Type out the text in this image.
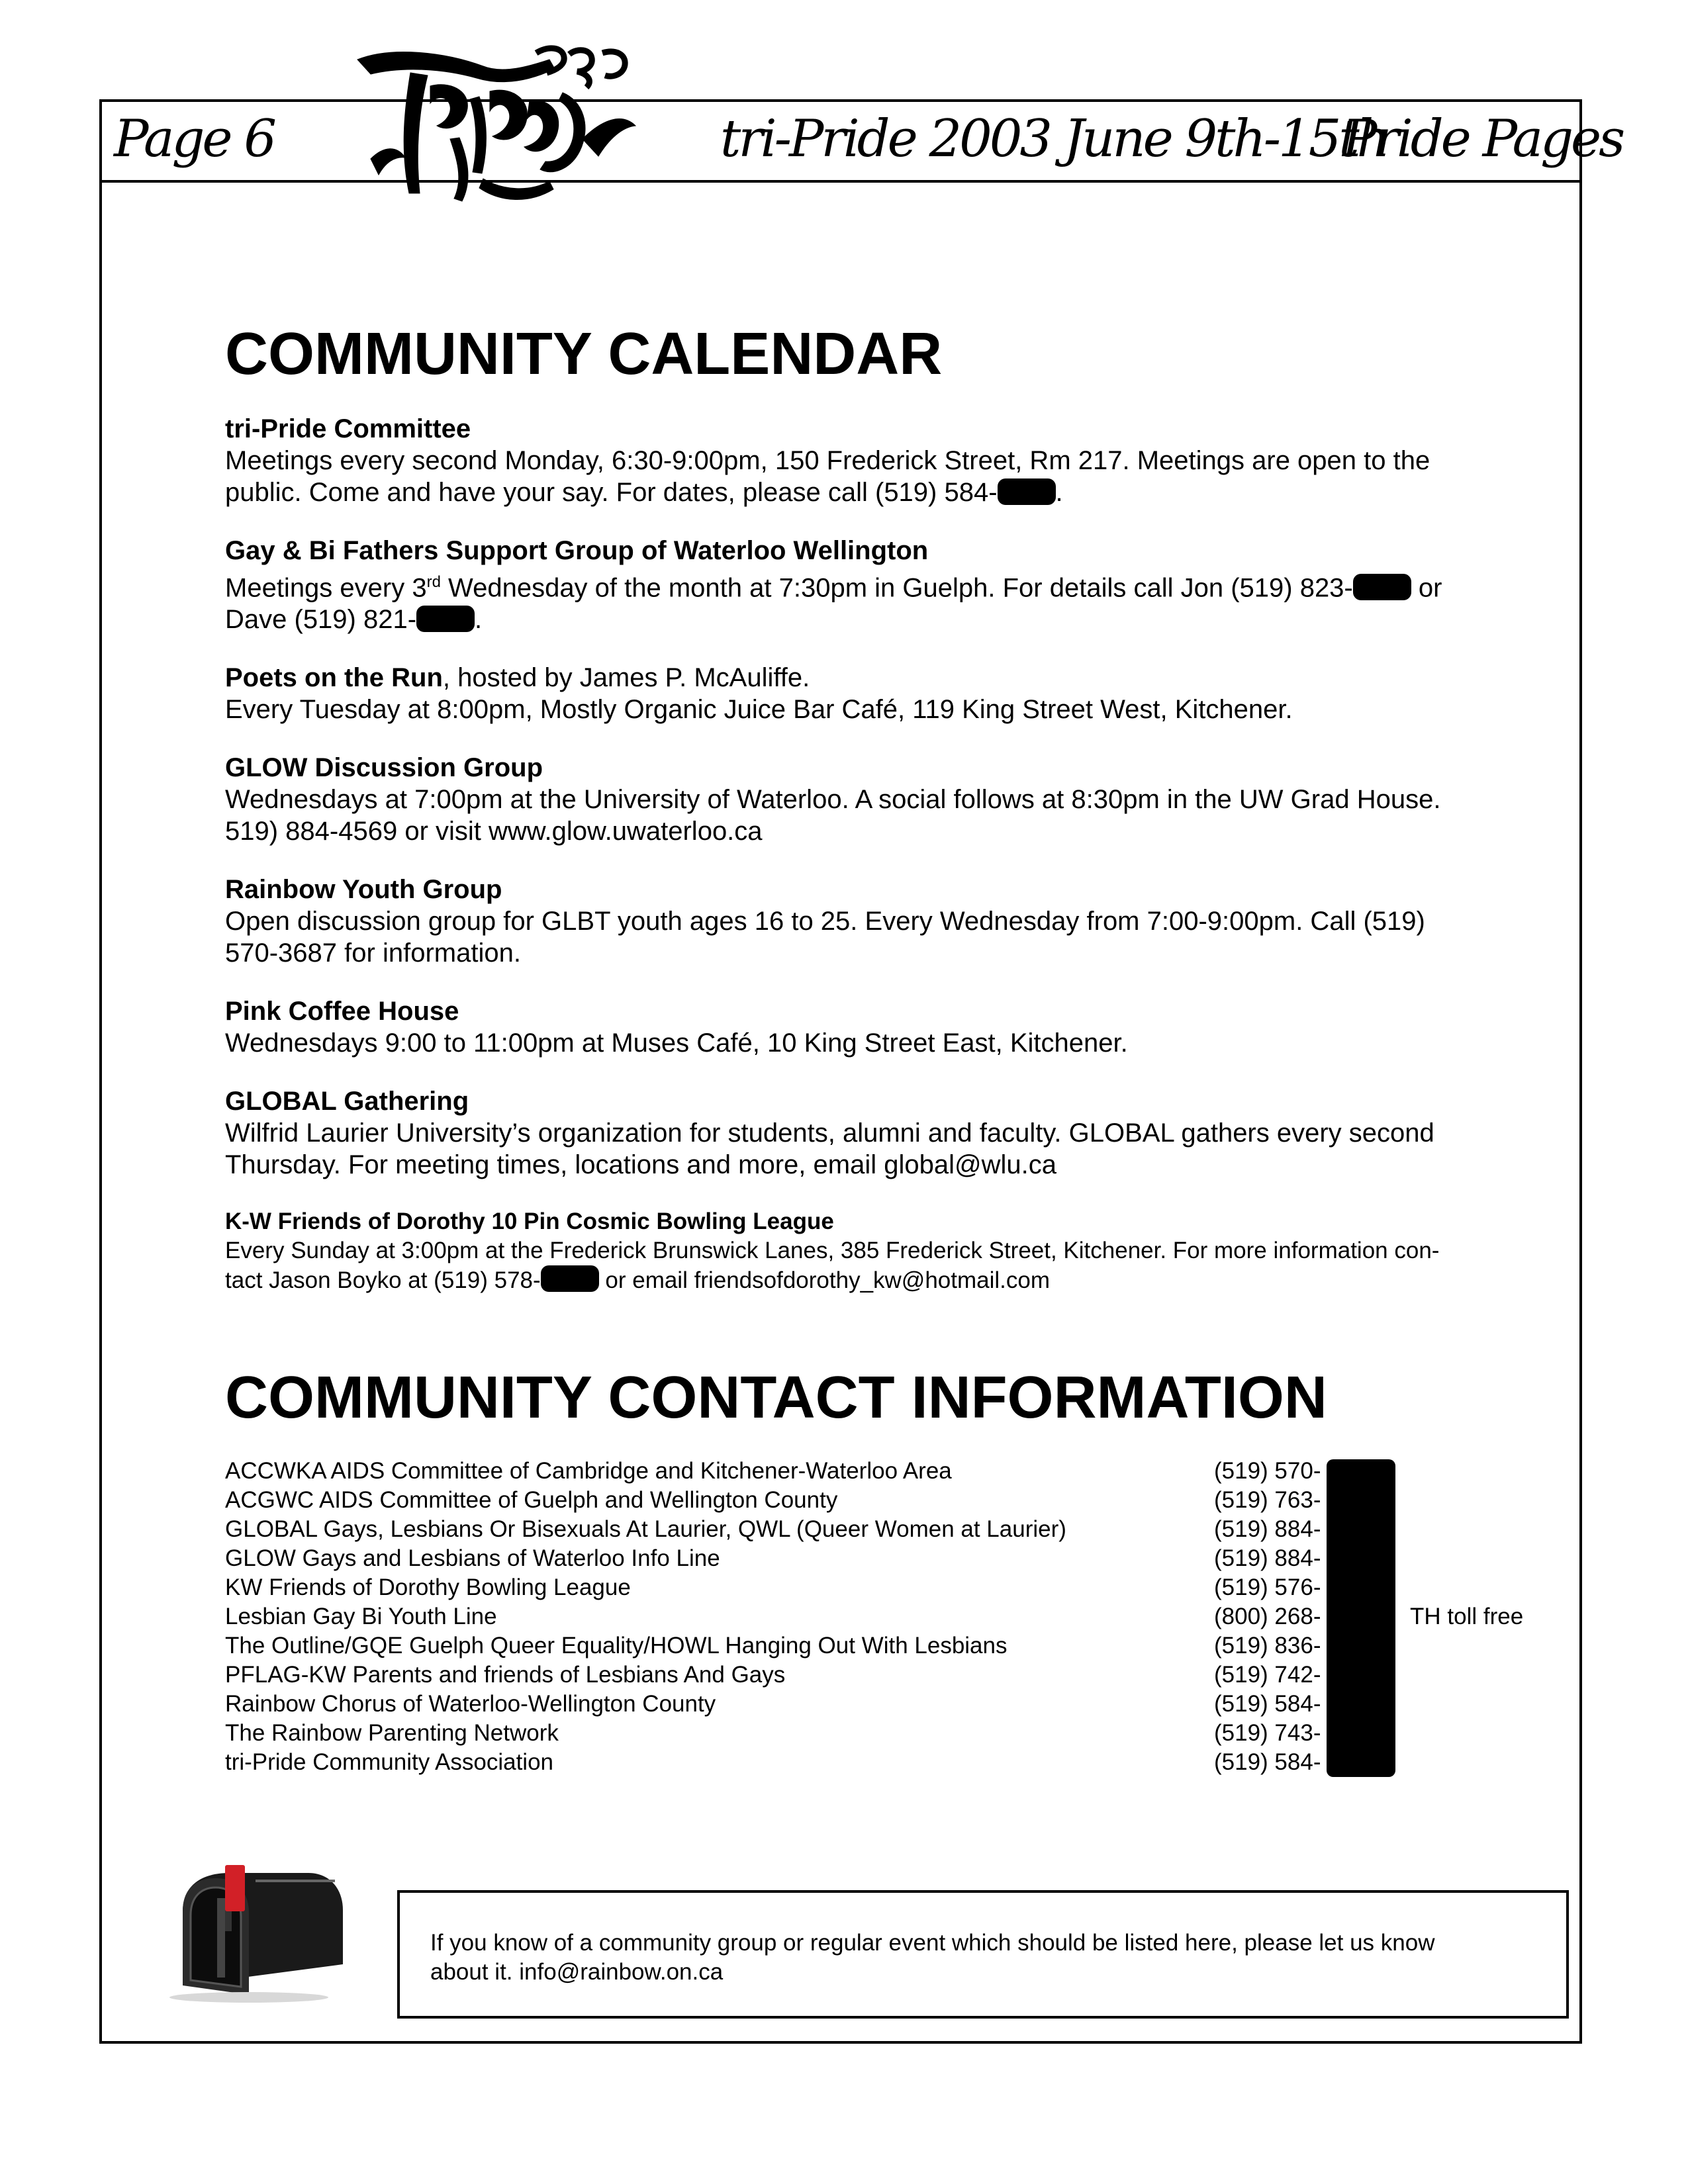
Page 6	tri-Pride 2003 June 9th-15th
Pride Pages
COMMUNITY CALENDAR
tri-Pride Committee
Meetings every second Monday, 6:30-9:00pm, 150 Frederick Street, Rm 217. Meetings are open to the
public. Come and have your say. For dates, please call (519) 584- .
Gay & Bi Fathers Support Group of Waterloo Wellington
Meetings every 3rd Wednesday of the month at 7:30pm in Guelph. For details call Jon (519) 823- or
Dave (519) 821- .
Poets on the Run, hosted by James P. McAuliffe.
Every Tuesday at 8:00pm, Mostly Organic Juice Bar Café, 119 King Street West, Kitchener.
GLOW Discussion Group
Wednesdays at 7:00pm at the University of Waterloo. A social follows at 8:30pm in the UW Grad House.
519) 884-4569 or visit www.glow.uwaterloo.ca
Rainbow Youth Group
Open discussion group for GLBT youth ages 16 to 25. Every Wednesday from 7:00-9:00pm. Call (519)
570-3687 for information.
Pink Coffee House
Wednesdays 9:00 to 11:00pm at Muses Café, 10 King Street East, Kitchener.
GLOBAL Gathering
Wilfrid Laurier University’s organization for students, alumni and faculty. GLOBAL gathers every second
Thursday. For meeting times, locations and more, email global@wlu.ca
K-W Friends of Dorothy 10 Pin Cosmic Bowling League
Every Sunday at 3:00pm at the Frederick Brunswick Lanes, 385 Frederick Street, Kitchener. For more information con-
tact Jason Boyko at (519) 578-	or email friendsofdorothy_kw@hotmail.com
COMMUNITY CONTACT INFORMATION
ACCWKA AIDS Committee of Cambridge and Kitchener-Waterloo Area	(519) 570-
ACGWC AIDS Committee of Guelph and Wellington County	(519) 763-
GLOBAL Gays, Lesbians Or Bisexuals At Laurier, QWL (Queer Women at Laurier)	(519) 884-
GLOW Gays and Lesbians of Waterloo Info Line	(519) 884-
KW Friends of Dorothy Bowling League	(519) 576-
Lesbian Gay Bi Youth Line	(800) 268-	TH toll free
The Outline/GQE Guelph Queer Equality/HOWL Hanging Out With Lesbians	(519) 836-
PFLAG-KW Parents and friends of Lesbians And Gays	(519) 742-
Rainbow Chorus of Waterloo-Wellington County	(519) 584-
The Rainbow Parenting Network	(519) 743-
tri-Pride Community Association	(519) 584-
If you know of a community group or regular event which should be listed here, please let us know
about it. info@rainbow.on.ca
